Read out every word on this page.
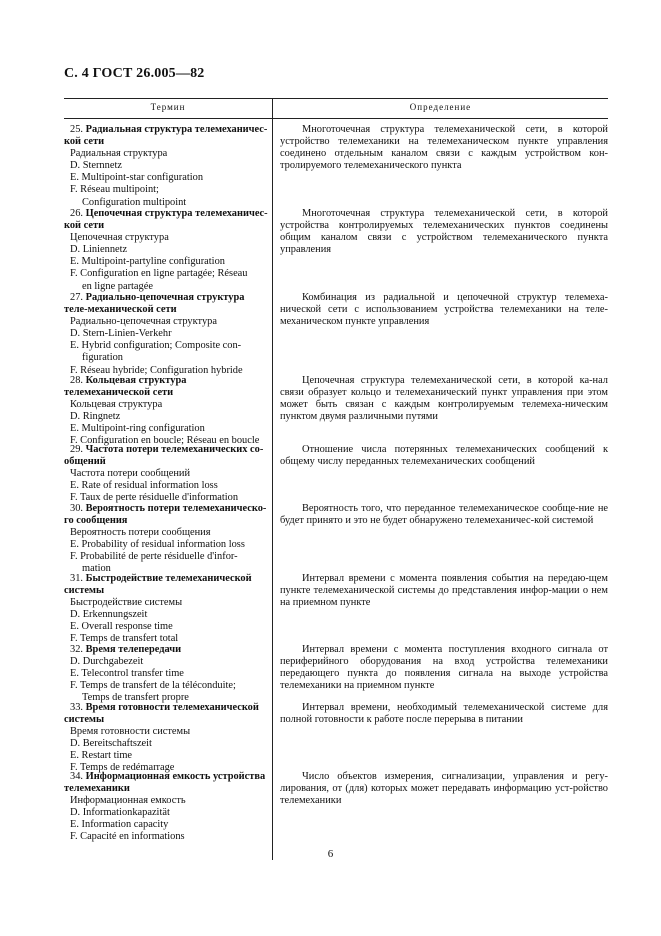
С. 4 ГОСТ 26.005—82
Термин	Определение
25. Радиальная структура телемеханичес-кой сети
Радиальная структура
D. Sternnetz
E. Multipoint-star configuration
F. Réseau multipoint;
Configuration multipoint
Многоточечная структура телемеханической сети, в которой устройство телемеханики на телемеханическом пункте управления соединено отдельным каналом связи с каждым устройством кон-тролируемого телемеханического пункта
26. Цепочечная структура телемеханичес-кой сети
Цепочечная структура
D. Liniennetz
E. Multipoint-partyline configuration
F. Configuration en ligne partagée; Réseau
en ligne partagée
Многоточечная структура телемеханической сети, в которой устройства контролируемых телемеханических пунктов соединены общим каналом связи с устройством телемеханического пункта управления
27. Радиально-цепочечная структура теле-механической сети
Радиально-цепочечная структура
D. Stern-Linien-Verkehr
E. Hybrid configuration; Composite con-
figuration
F. Réseau hybride; Configuration hybride
Комбинация из радиальной и цепочечной структур телемеха-нической сети с использованием устройства телемеханики на теле-механическом пункте управления
28. Кольцевая структура телемеханической сети
Кольцевая структура
D. Ringnetz
E. Multipoint-ring configuration
F. Configuration en boucle; Réseau en boucle
Цепочечная структура телемеханической сети, в которой ка-нал связи образует кольцо и телемеханический пункт управления при этом может быть связан с каждым контролируемым телемеха-ническим пунктом двумя различными путями
29. Частота потери телемеханических со-общений
Частота потери сообщений
E. Rate of residual information loss
F. Taux de perte résiduelle d'information
Отношение числа потерянных телемеханических сообщений к общему числу переданных телемеханических сообщений
30. Вероятность потери телемеханическо-го сообщения
Вероятность потери сообщения
E. Probability of residual information loss
F. Probabilité de perte résiduelle d'infor-
mation
Вероятность того, что переданное телемеханическое сообще-ние не будет принято и это не будет обнаружено телемеханичес-кой системой
31. Быстродействие телемеханической системы
Быстродействие системы
D. Erkennungszeit
E. Overall response time
F. Temps de transfert total
Интервал времени с момента появления события на передаю-щем пункте телемеханической системы до представления инфор-мации о нем на приемном пункте
32. Время телепередачи
D. Durchgabezeit
E. Telecontrol transfer time
F. Temps de transfert de la téléconduite;
Temps de transfert propre
Интервал времени с момента поступления входного сигнала от периферийного оборудования на вход устройства телемеханики передающего пункта до появления сигнала на выходе устройства телемеханики на приемном пункте
33. Время готовности телемеханической системы
Время готовности системы
D. Bereitschaftszeit
E. Restart time
F. Temps de redémarrage
Интервал времени, необходимый телемеханической системе для полной готовности к работе после перерыва в питании
34. Информационная емкость устройства телемеханики
Информационная емкость
D. Informationkapazität
E. Information capacity
F. Capacité en informations
Число объектов измерения, сигнализации, управления и регу-лирования, от (для) которых может передавать информацию уст-ройство телемеханики
6
